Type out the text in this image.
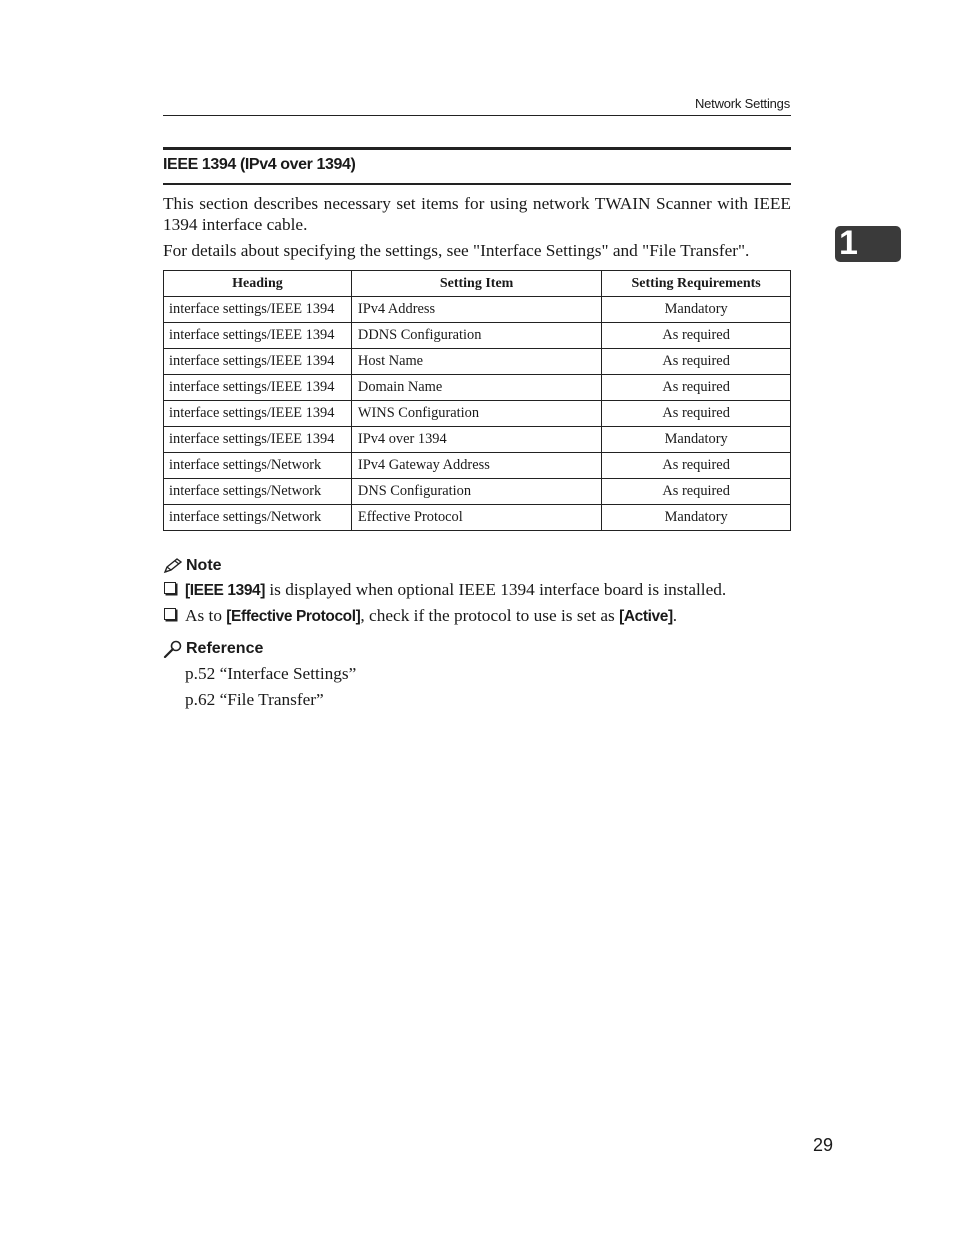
Network Settings
IEEE 1394 (IPv4 over 1394)
1
This section describes necessary set items for using network TWAIN Scanner with IEEE 1394 interface cable.
For details about specifying the settings, see "Interface Settings" and "File Transfer".
Heading	Setting Item	Setting Requirements
interface settings/IEEE 1394	IPv4 Address	Mandatory
interface settings/IEEE 1394	DDNS Configuration	As required
interface settings/IEEE 1394	Host Name	As required
interface settings/IEEE 1394	Domain Name	As required
interface settings/IEEE 1394	WINS Configuration	As required
interface settings/IEEE 1394	IPv4 over 1394	Mandatory
interface settings/Network	IPv4 Gateway Address	As required
interface settings/Network	DNS Configuration	As required
interface settings/Network	Effective Protocol	Mandatory
Note
[IEEE 1394] is displayed when optional IEEE 1394 interface board is installed.
As to [Effective Protocol] , check if the protocol to use is set as [Active] .
Reference
p.52 “Interface Settings”
p.62 “File Transfer”
29
